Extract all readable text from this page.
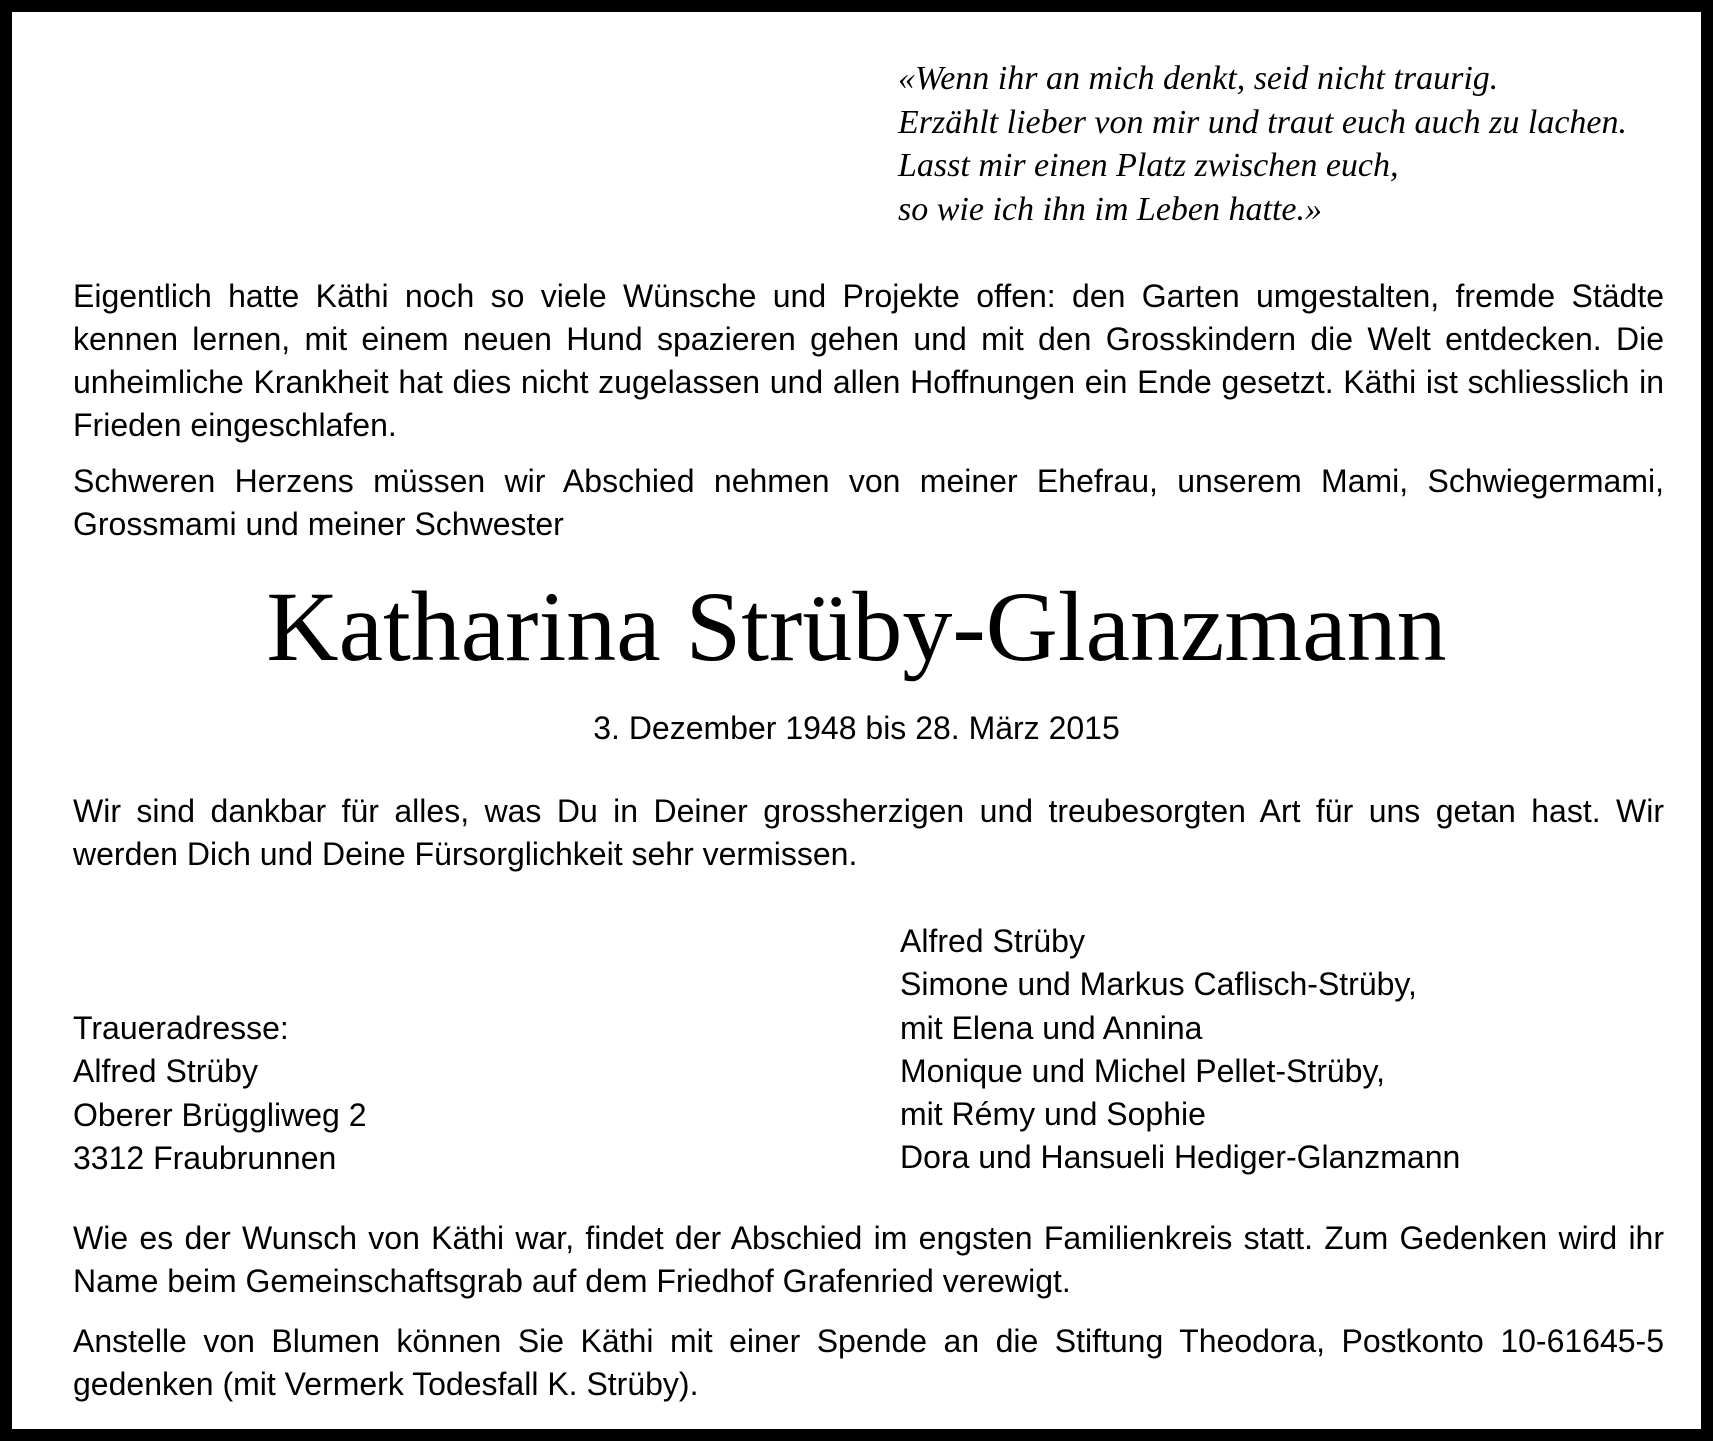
«Wenn ihr an mich denkt, seid nicht traurig.
Erzählt lieber von mir und traut euch auch zu lachen.
Lasst mir einen Platz zwischen euch,
so wie ich ihn im Leben hatte.»
Eigentlich hatte Käthi noch so viele Wünsche und Projekte offen: den Garten umgestalten, fremde Städte kennen lernen, mit einem neuen Hund spazieren gehen und mit den Grosskindern die Welt entdecken. Die unheimliche Krankheit hat dies nicht zugelassen und allen Hoffnungen ein Ende gesetzt. Käthi ist schliesslich in Frieden eingeschlafen.
Schweren Herzens müssen wir Abschied nehmen von meiner Ehefrau, unserem Mami, Schwiegermami, Grossmami und meiner Schwester
Katharina Strüby-Glanzmann
3. Dezember 1948 bis 28. März 2015
Wir sind dankbar für alles, was Du in Deiner grossherzigen und treubesorgten Art für uns getan hast. Wir werden Dich und Deine Fürsorglichkeit sehr vermissen.
Alfred Strüby
Simone und Markus Caflisch-Strüby,
mit Elena und Annina
Monique und Michel Pellet-Strüby,
mit Rémy und Sophie
Dora und Hansueli Hediger-Glanzmann
Traueradresse:
Alfred Strüby
Oberer Brüggliweg 2
3312 Fraubrunnen
Wie es der Wunsch von Käthi war, findet der Abschied im engsten Familienkreis statt. Zum Gedenken wird ihr Name beim Gemeinschaftsgrab auf dem Friedhof Grafenried verewigt.
Anstelle von Blumen können Sie Käthi mit einer Spende an die Stiftung Theodora, Postkonto 10-61645-5 gedenken (mit Vermerk Todesfall K. Strüby).
